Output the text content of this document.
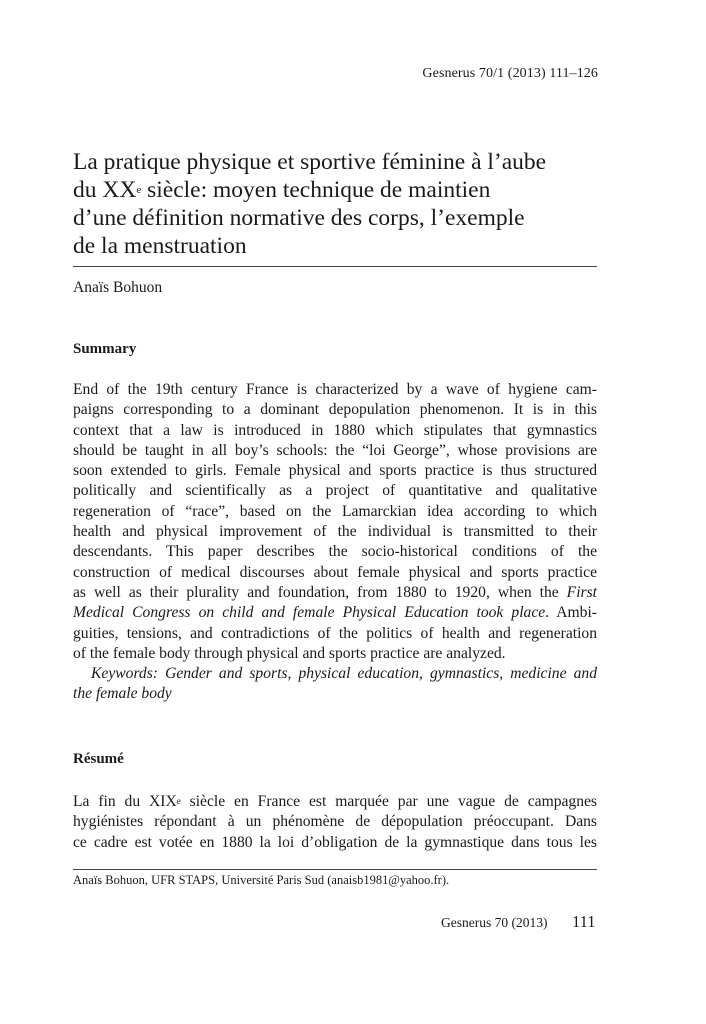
Gesnerus 70/1 (2013) 111–126
La pratique physique et sportive féminine à l’aube
du XXe siècle: moyen technique de maintien
d’une définition normative des corps, l’exemple
de la menstruation
Anaïs Bohuon
Summary
End of the 19th century France is characterized by a wave of hygiene cam-
paigns corresponding to a dominant depopulation phenomenon. It is in this
context that a law is introduced in 1880 which stipulates that gymnastics
should be taught in all boy’s schools: the “loi George”, whose provisions are
soon extended to girls. Female physical and sports practice is thus structured
politically and scientifically as a project of quantitative and qualitative
regeneration of “race”, based on the Lamarckian idea according to which
health and physical improvement of the individual is transmitted to their
descendants. This paper describes the socio-historical conditions of the
construction of medical discourses about female physical and sports practice
as well as their plurality and foundation, from 1880 to 1920, when the First
Medical Congress on child and female Physical Education took place. Ambi-
guities, tensions, and contradictions of the politics of health and regeneration
of the female body through physical and sports practice are analyzed.
Keywords: Gender and sports, physical education, gymnastics, medicine and
the female body
Résumé
La fin du XIXe siècle en France est marquée par une vague de campagnes
hygiénistes répondant à un phénomène de dépopulation préoccupant. Dans
ce cadre est votée en 1880 la loi d’obligation de la gymnastique dans tous les
Anaïs Bohuon, UFR STAPS, Université Paris Sud (anaisb1981@yahoo.fr).
Gesnerus 70 (2013) 111
